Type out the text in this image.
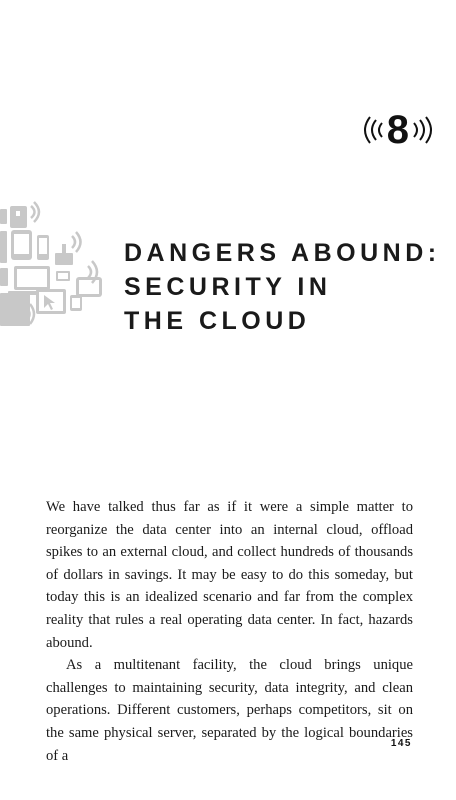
8
DANGERS ABOUND:
SECURITY IN
THE CLOUD

We have talked thus far as if it were a simple matter to reorganize the data center into an internal cloud, offload spikes to an external cloud, and collect hundreds of thousands of dollars in savings. It may be easy to do this someday, but today this is an idealized scenario and far from the complex reality that rules a real operating data center. In fact, hazards abound.

As a multitenant facility, the cloud brings unique challenges to maintaining security, data integrity, and clean operations. Different customers, perhaps competitors, sit on the same physical server, separated by the logical boundaries of a

145
